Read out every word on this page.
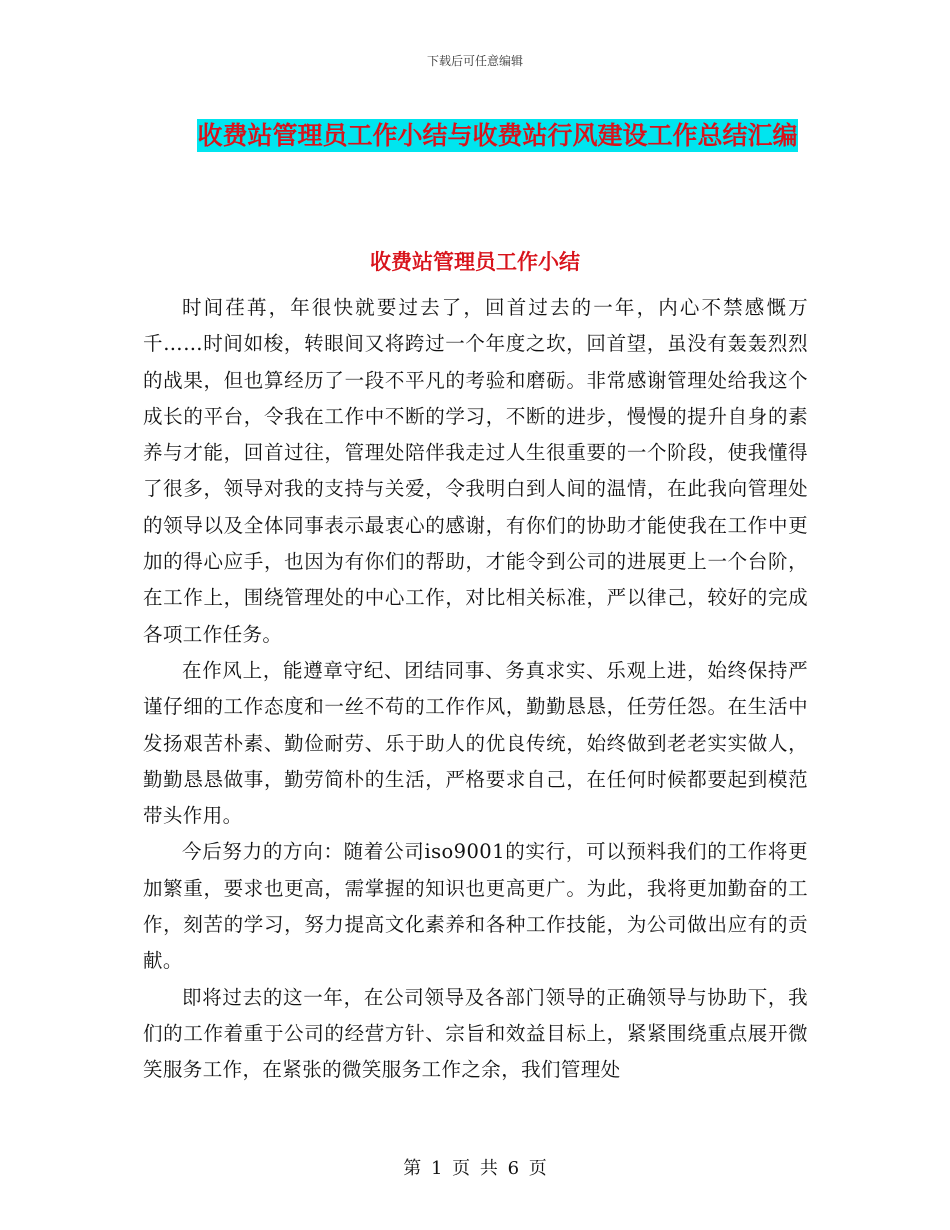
下载后可任意编辑
收费站管理员工作小结与收费站行风建设工作总结汇编
收费站管理员工作小结

时间荏苒，年很快就要过去了，回首过去的一年，内心不禁感慨万千……时间如梭，转眼间又将跨过一个年度之坎，回首望，虽没有轰轰烈烈的战果，但也算经历了一段不平凡的考验和磨砺。非常感谢管理处给我这个成长的平台，令我在工作中不断的学习，不断的进步，慢慢的提升自身的素养与才能，回首过往，管理处陪伴我走过人生很重要的一个阶段，使我懂得了很多，领导对我的支持与关爱，令我明白到人间的温情，在此我向管理处的领导以及全体同事表示最衷心的感谢，有你们的协助才能使我在工作中更加的得心应手，也因为有你们的帮助，才能令到公司的进展更上一个台阶，在工作上，围绕管理处的中心工作，对比相关标准，严以律己，较好的完成各项工作任务。

在作风上，能遵章守纪、团结同事、务真求实、乐观上进，始终保持严谨仔细的工作态度和一丝不苟的工作作风，勤勤恳恳，任劳任怨。在生活中发扬艰苦朴素、勤俭耐劳、乐于助人的优良传统，始终做到老老实实做人，勤勤恳恳做事，勤劳简朴的生活，严格要求自己，在任何时候都要起到模范带头作用。

今后努力的方向：随着公司iso9001的实行，可以预料我们的工作将更加繁重，要求也更高，需掌握的知识也更高更广。为此，我将更加勤奋的工作，刻苦的学习，努力提高文化素养和各种工作技能，为公司做出应有的贡献。

即将过去的这一年，在公司领导及各部门领导的正确领导与协助下，我们的工作着重于公司的经营方针、宗旨和效益目标上，紧紧围绕重点展开微笑服务工作，在紧张的微笑服务工作之余，我们管理处

第 1 页 共 6 页
